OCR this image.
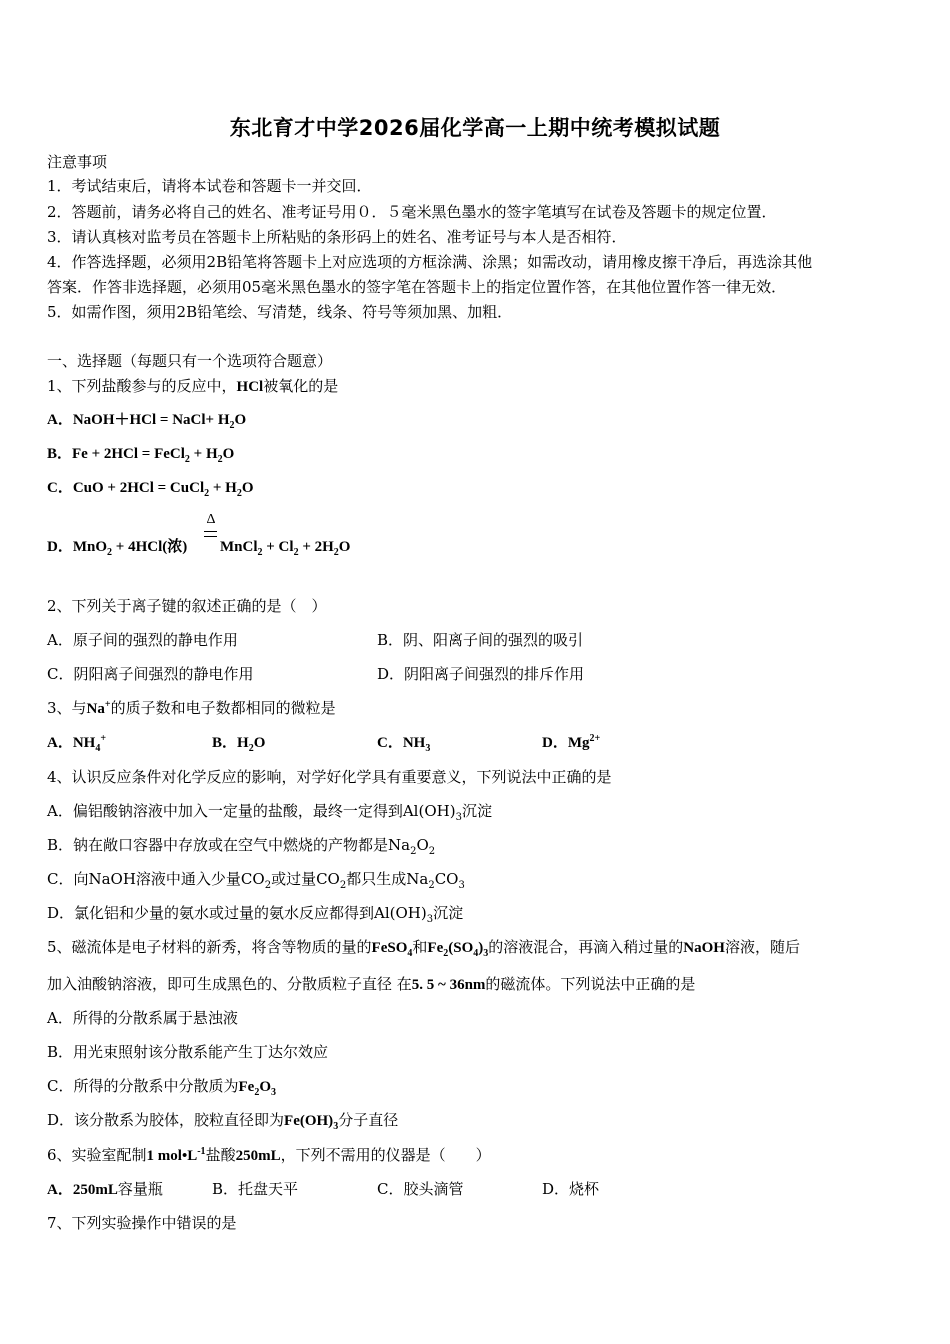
东北育才中学2026届化学高一上期中统考模拟试题
注意事项
1．考试结束后，请将本试卷和答题卡一并交回．
2．答题前，请务必将自己的姓名、准考证号用０．５毫米黑色墨水的签字笔填写在试卷及答题卡的规定位置．
3．请认真核对监考员在答题卡上所粘贴的条形码上的姓名、准考证号与本人是否相符．
4．作答选择题，必须用2B铅笔将答题卡上对应选项的方框涂满、涂黑；如需改动，请用橡皮擦干净后，再选涂其他
答案．作答非选择题，必须用05毫米黑色墨水的签字笔在答题卡上的指定位置作答，在其他位置作答一律无效．
5．如需作图，须用2B铅笔绘、写清楚，线条、符号等须加黑、加粗．
一、选择题（每题只有一个选项符合题意）
1、下列盐酸参与的反应中，HCl被氧化的是
A．NaOH＋HCl = NaCl+ $H_2O$
B．Fe + 2HCl = FeCl$_2$ + $H_2O$
C．CuO + 2HCl = CuCl$_2$ + $H_2O$
Δ
D．MnO$_2$ + 4HCl(浓) MnCl$_2$ + $Cl_2 + 2H_2O$
2、下列关于离子键的叙述正确的是（　）
A．原子间的强烈的静电作用	B．阴、阳离子间的强烈的吸引
C．阴阳离子间强烈的静电作用	D．阴阳离子间强烈的排斥作用
3、与Na+的质子数和电子数都相同的微粒是
A．$NH_4^+$	B．$H_2O$	C．$NH_3$	D．$Mg^{2+}$
4、认识反应条件对化学反应的影响，对学好化学具有重要意义，下列说法中正确的是
A．偏铝酸钠溶液中加入一定量的盐酸，最终一定得到$Al(OH)_3$沉淀
B．钠在敞口容器中存放或在空气中燃烧的产物都是$Na_2O_2$
C．向NaOH溶液中通入少量$CO_2$或过量$CO_2$都只生成$Na_2CO_3$
D．氯化铝和少量的氨水或过量的氨水反应都得到$Al(OH)_3$沉淀
5、磁流体是电子材料的新秀，将含等物质的量的FeSO$_4$和$Fe_2(SO_4)_3$的溶液混合，再滴入稍过量的NaOH溶液，随后
加入油酸钠溶液，即可生成黑色的、分散质粒子直径 在5. 5 ~ 36nm的磁流体。下列说法中正确的是
A．所得的分散系属于悬浊液
B．用光束照射该分散系能产生丁达尔效应
C．所得的分散系中分散质为$Fe_2O_3$
D．该分散系为胶体，胶粒直径即为$Fe(OH)_3$分子直径
6、实验室配制1 $mol•L^{-1}$盐酸250mL，下列不需用的仪器是（　　）
A．250mL容量瓶	B．托盘天平	C．胶头滴管	D．烧杯
7、下列实验操作中错误的是
